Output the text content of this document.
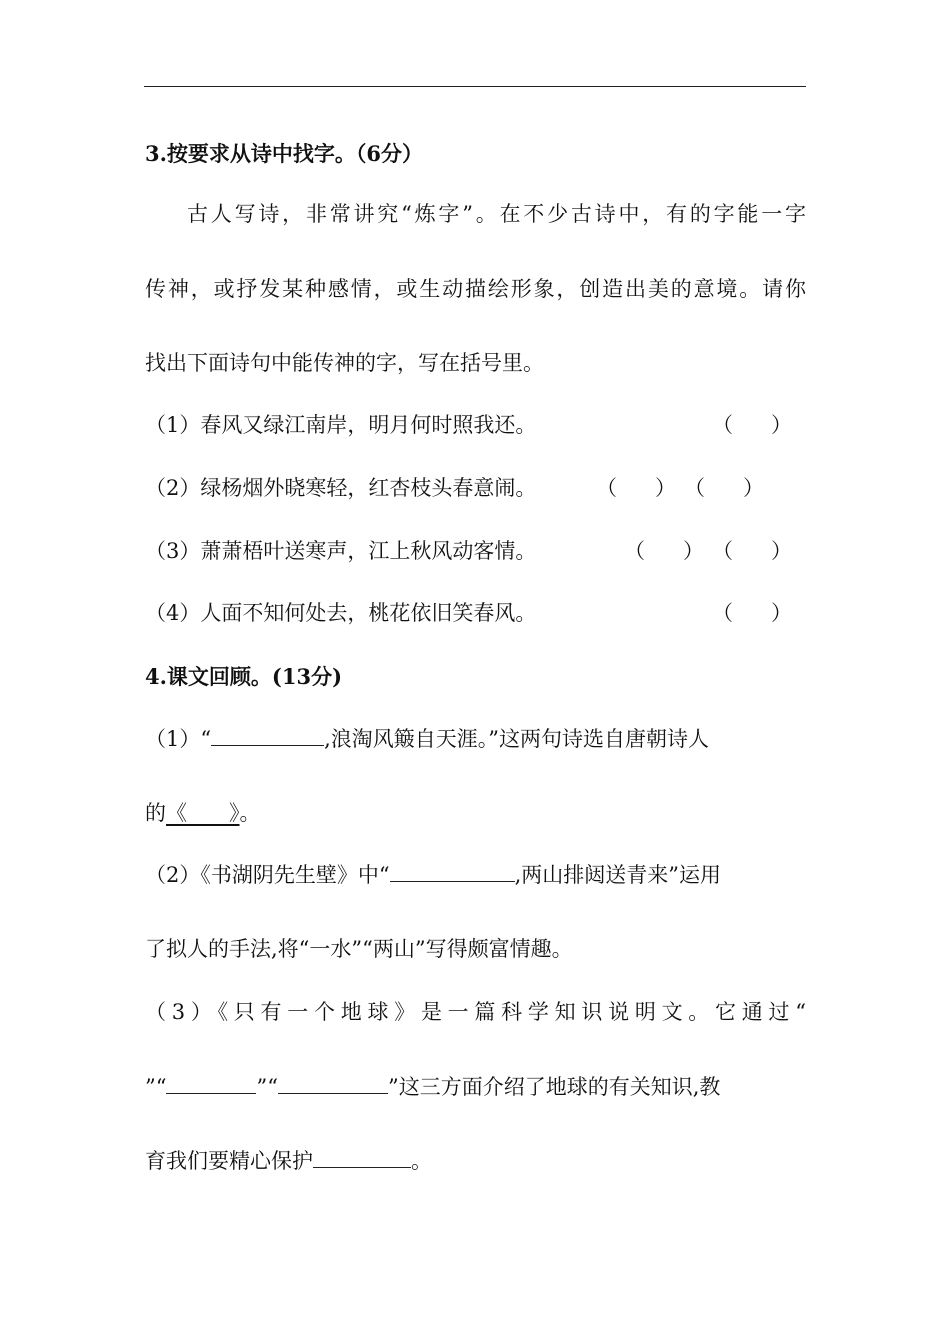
3.按要求从诗中找字。（6分）
古人写诗，非常讲究“炼字”。在不少古诗中，有的字能一字
传神，或抒发某种感情，或生动描绘形象，创造出美的意境。请你
找出下面诗句中能传神的字，写在括号里。
（1）春风又绿江南岸，明月何时照我还。	（ ）
（2）绿杨烟外晓寒轻，红杏枝头春意闹。	（ ） （ ）
（3）萧萧梧叶送寒声，江上秋风动客情。	（ ） （ ）
（4）人面不知何处去，桃花依旧笑春风。	（ ）
4.课文回顾。(13分)
（1）“	,浪淘风簸自天涯。”这两句诗选自唐朝诗人
的《　　》。
（2）《书湖阴先生壁》中“	,两山排闼送青来”运用
了拟人的手法,将“一水”“两山”写得颇富情趣。
（3）《只有一个地球》是一篇科学知识说明文。它通过“
”“	”“	”这三方面介绍了地球的有关知识,教
育我们要精心保护	。
